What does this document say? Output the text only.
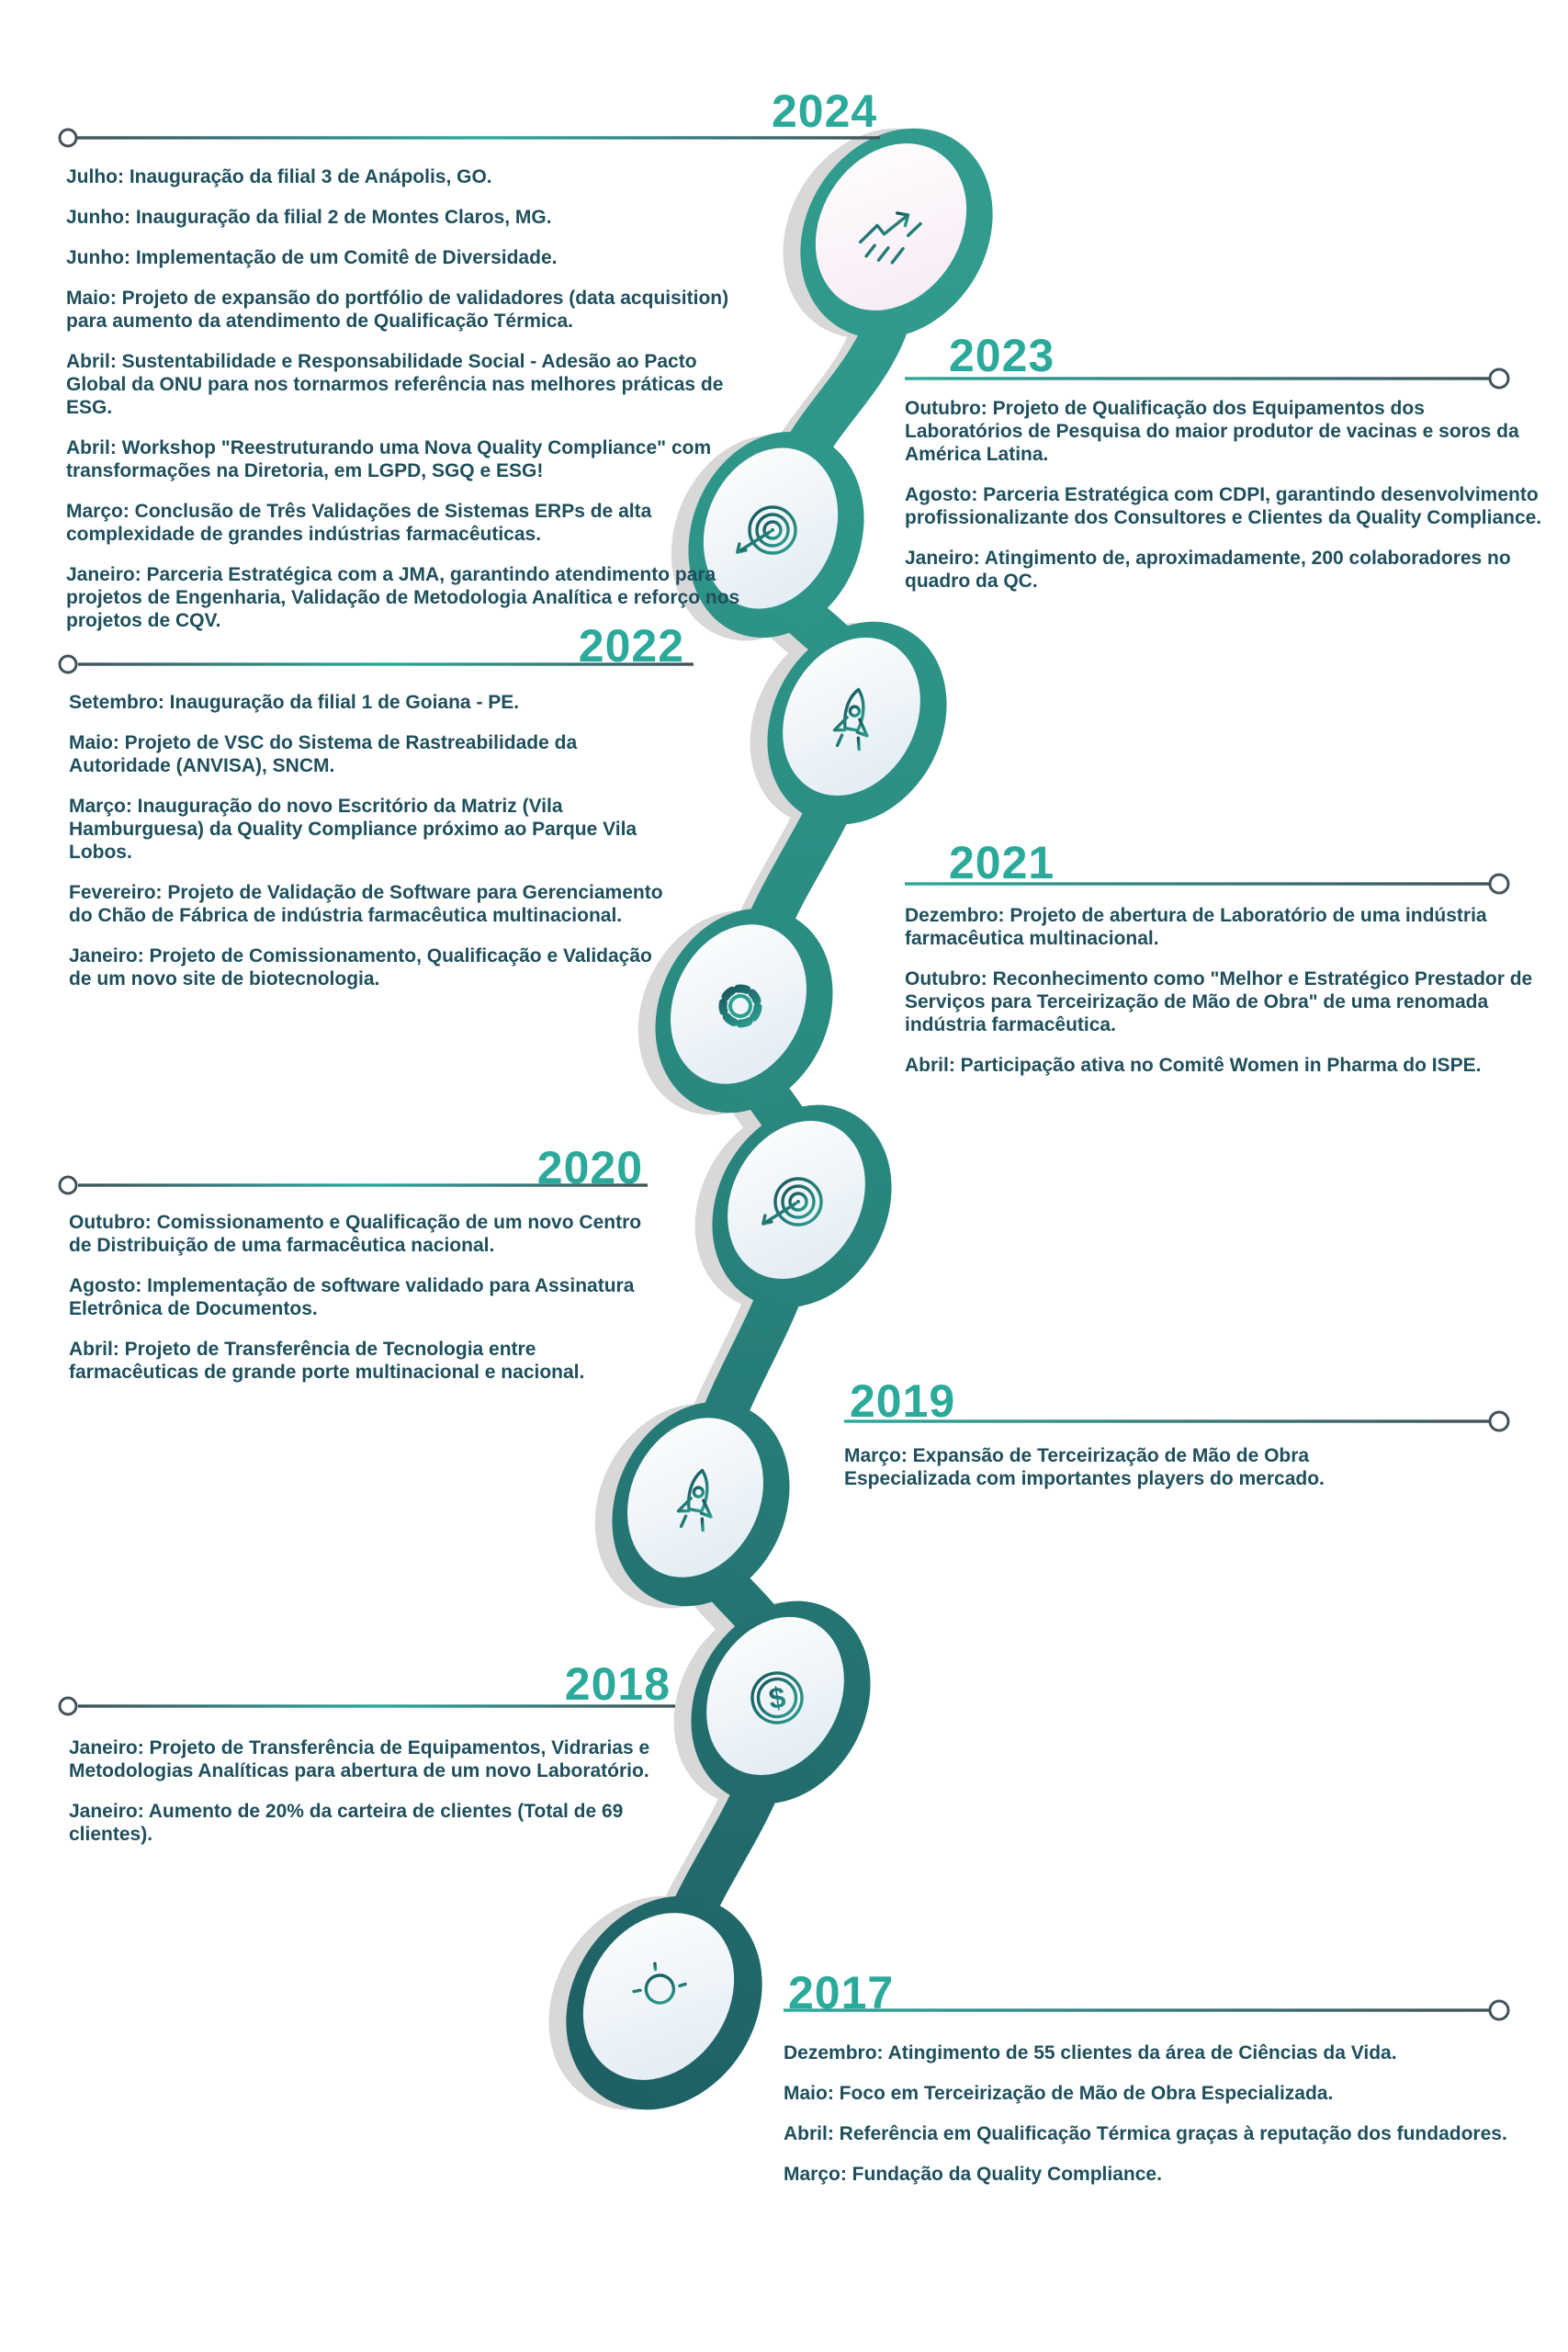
$
2024

Julho: Inauguração da filial 3 de Anápolis, GO.

Junho: Inauguração da filial 2 de Montes Claros, MG.

Junho: Implementação de um Comitê de Diversidade.

Maio: Projeto de expansão do portfólio de validadores (data acquisition) para aumento da atendimento de Qualificação Térmica.

Abril: Sustentabilidade e Responsabilidade Social - Adesão ao Pacto Global da ONU para nos tornarmos referência nas melhores práticas de ESG.

Abril: Workshop "Reestruturando uma Nova Quality Compliance" com transformações na Diretoria, em LGPD, SGQ e ESG!

Março: Conclusão de Três Validações de Sistemas ERPs de alta complexidade de grandes indústrias farmacêuticas.

Janeiro: Parceria Estratégica com a JMA, garantindo atendimento para projetos de Engenharia, Validação de Metodologia Analítica e reforço nos projetos de CQV.

2023

Outubro: Projeto de Qualificação dos Equipamentos dos Laboratórios de Pesquisa do maior produtor de vacinas e soros da América Latina.

Agosto: Parceria Estratégica com CDPI, garantindo desenvolvimento profissionalizante dos Consultores e Clientes da Quality Compliance.

Janeiro: Atingimento de, aproximadamente, 200 colaboradores no quadro da QC.

2022

Setembro: Inauguração da filial 1 de Goiana - PE.

Maio: Projeto de VSC do Sistema de Rastreabilidade da Autoridade (ANVISA), SNCM.

Março: Inauguração do novo Escritório da Matriz (Vila Hamburguesa) da Quality Compliance próximo ao Parque Vila Lobos.

Fevereiro: Projeto de Validação de Software para Gerenciamento do Chão de Fábrica de indústria farmacêutica multinacional.

Janeiro: Projeto de Comissionamento, Qualificação e Validação de um novo site de biotecnologia.

2021

Dezembro: Projeto de abertura de Laboratório de uma indústria farmacêutica multinacional.

Outubro: Reconhecimento como "Melhor e Estratégico Prestador de Serviços para Terceirização de Mão de Obra" de uma renomada indústria farmacêutica.

Abril: Participação ativa no Comitê Women in Pharma do ISPE.

2020

Outubro: Comissionamento e Qualificação de um novo Centro de Distribuição de uma farmacêutica nacional.

Agosto: Implementação de software validado para Assinatura Eletrônica de Documentos.

Abril: Projeto de Transferência de Tecnologia entre farmacêuticas de grande porte multinacional e nacional.

2019

Março: Expansão de Terceirização de Mão de Obra Especializada com importantes players do mercado.

2018

Janeiro: Projeto de Transferência de Equipamentos, Vidrarias e Metodologias Analíticas para abertura de um novo Laboratório.

Janeiro: Aumento de 20% da carteira de clientes (Total de 69 clientes).

2017

Dezembro: Atingimento de 55 clientes da área de Ciências da Vida.

Maio: Foco em Terceirização de Mão de Obra Especializada.

Abril: Referência em Qualificação Térmica graças à reputação dos fundadores.

Março: Fundação da Quality Compliance.
